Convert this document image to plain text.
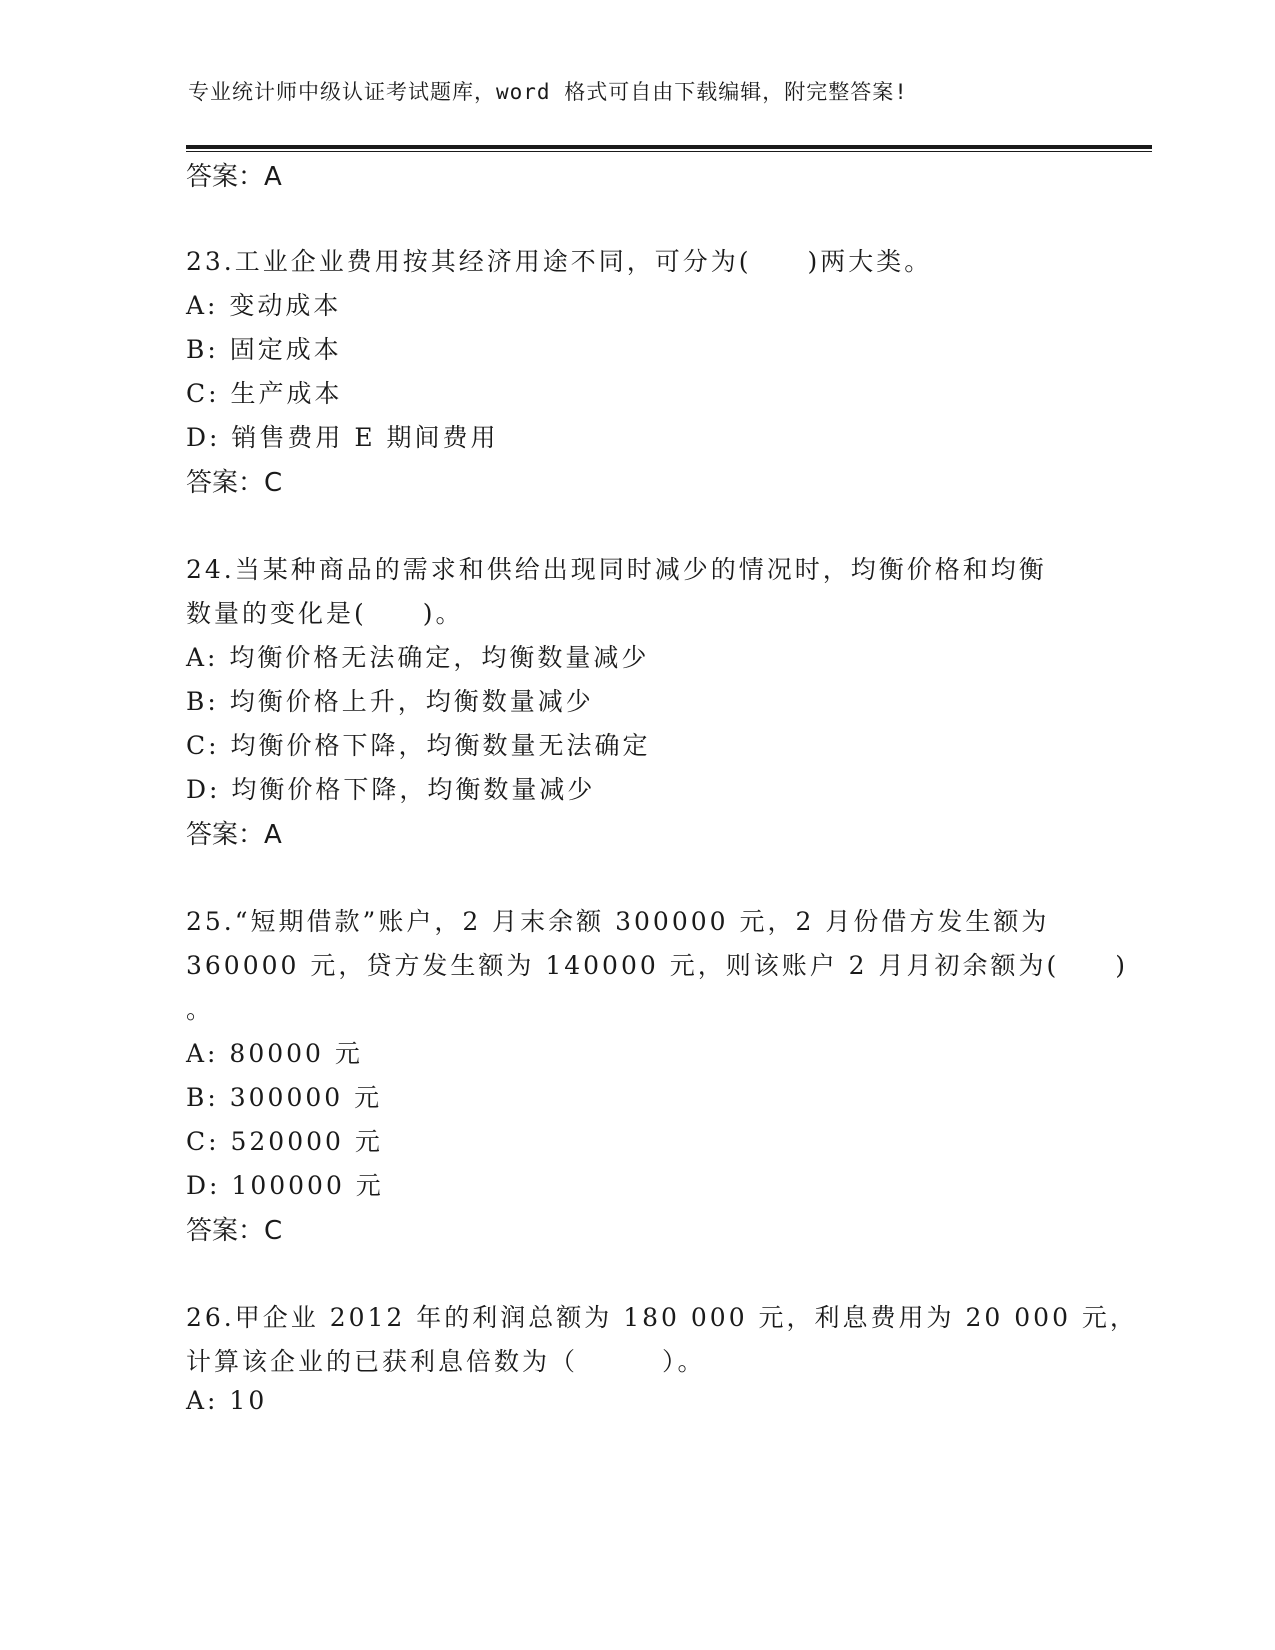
专业统计师中级认证考试题库，word 格式可自由下载编辑，附完整答案!
答案：A
23.工业企业费用按其经济用途不同，可分为(　　)两大类。
A: 变动成本
B: 固定成本
C: 生产成本
D: 销售费用 E 期间费用
答案：C
24.当某种商品的需求和供给出现同时减少的情况时，均衡价格和均衡
数量的变化是(　　)。
A: 均衡价格无法确定，均衡数量减少
B: 均衡价格上升，均衡数量减少
C: 均衡价格下降，均衡数量无法确定
D: 均衡价格下降，均衡数量减少
答案：A
25.“短期借款”账户，2 月末余额 300000 元，2 月份借方发生额为
360000 元，贷方发生额为 140000 元，则该账户 2 月月初余额为(　　)
。
A: 80000 元
B: 300000 元
C: 520000 元
D: 100000 元
答案：C
26.甲企业 2012 年的利润总额为 180 000 元，利息费用为 20 000 元，
计算该企业的已获利息倍数为（　　　）。
A: 10
